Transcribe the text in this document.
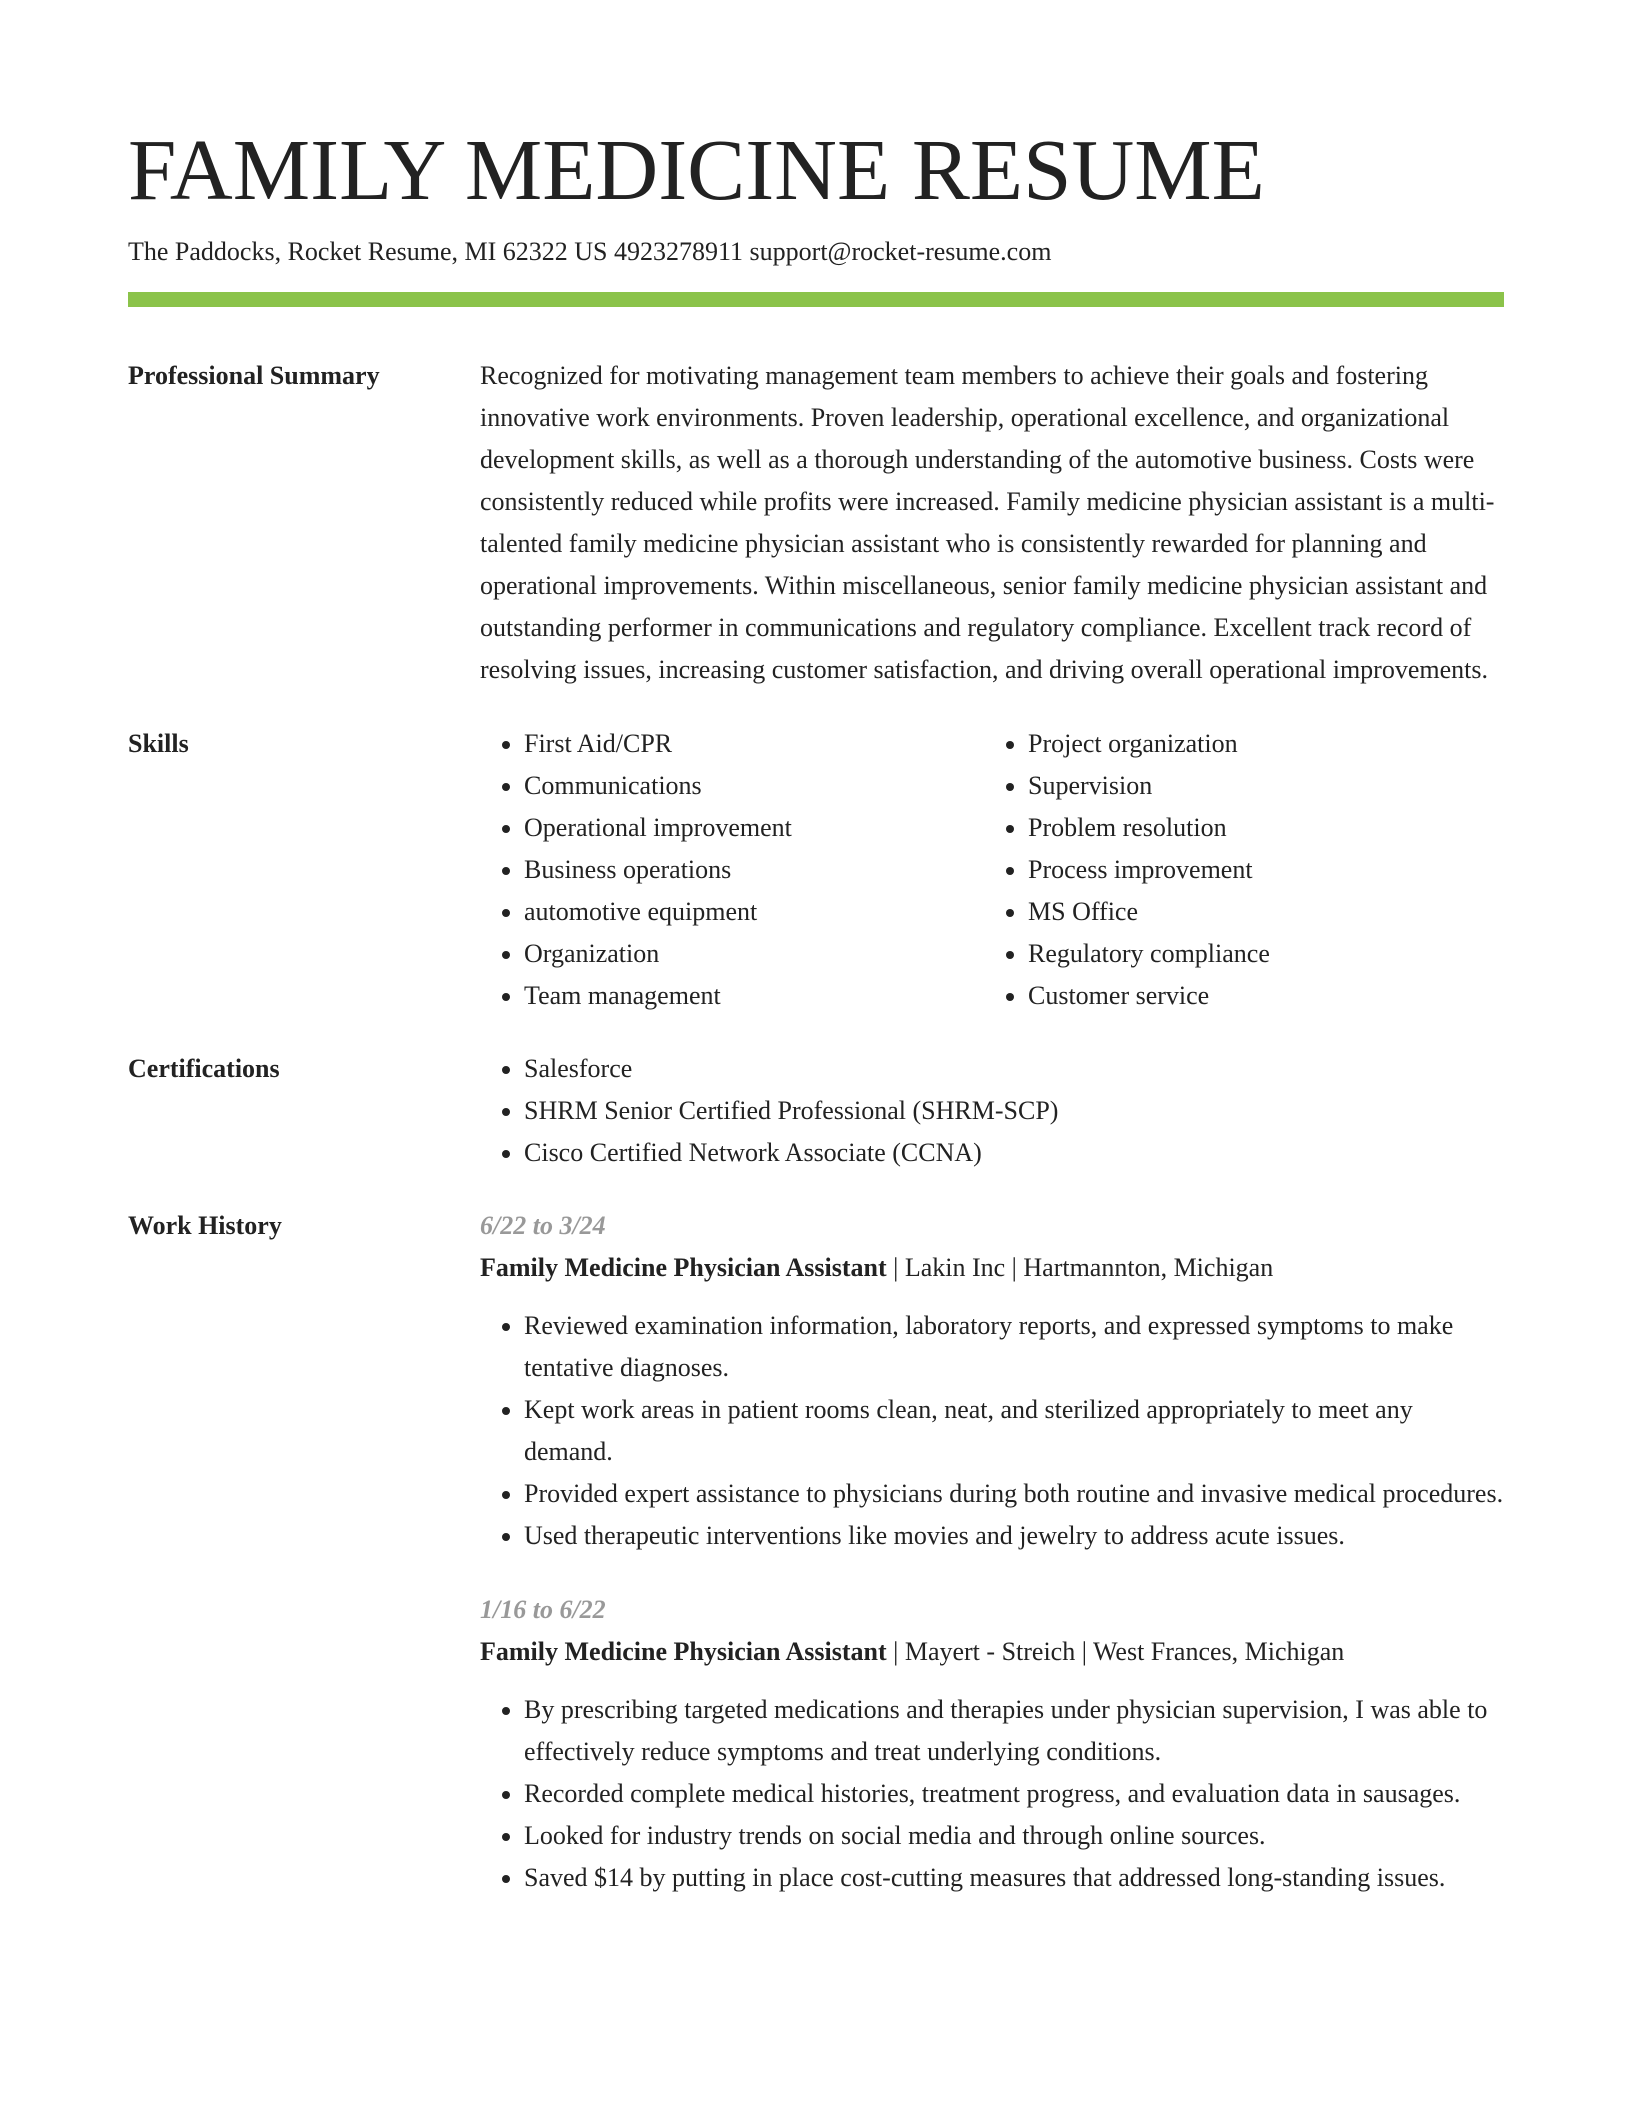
FAMILY MEDICINE RESUME
The Paddocks, Rocket Resume, MI 62322 US 4923278911 support@rocket-resume.com
Professional Summary	Recognized for motivating management team members to achieve their goals and fostering innovative work environments. Proven leadership, operational excellence, and organizational development skills, as well as a thorough understanding of the automotive business. Costs were consistently reduced while profits were increased. Family medicine physician assistant is a multi-talented family medicine physician assistant who is consistently rewarded for planning and operational improvements. Within miscellaneous, senior family medicine physician assistant and outstanding performer in communications and regulatory compliance. Excellent track record of resolving issues, increasing customer satisfaction, and driving overall operational improvements.

Skills	• First Aid/CPR
• Communications
• Operational improvement
• Business operations
• automotive equipment
• Organization
• Team management
• Project organization
• Supervision
• Problem resolution
• Process improvement
• MS Office
• Regulatory compliance
• Customer service
Certifications	• Salesforce
• SHRM Senior Certified Professional (SHRM-SCP)
• Cisco Certified Network Associate (CCNA)
Work History	6/22 to 3/24
Family Medicine Physician Assistant | Lakin Inc | Hartmannton, Michigan
• Reviewed examination information, laboratory reports, and expressed symptoms to make tentative diagnoses.
• Kept work areas in patient rooms clean, neat, and sterilized appropriately to meet any demand.
• Provided expert assistance to physicians during both routine and invasive medical procedures.
• Used therapeutic interventions like movies and jewelry to address acute issues.
1/16 to 6/22
Family Medicine Physician Assistant | Mayert - Streich | West Frances, Michigan
• By prescribing targeted medications and therapies under physician supervision, I was able to effectively reduce symptoms and treat underlying conditions.
• Recorded complete medical histories, treatment progress, and evaluation data in sausages.
• Looked for industry trends on social media and through online sources.
• Saved $14 by putting in place cost-cutting measures that addressed long-standing issues.
